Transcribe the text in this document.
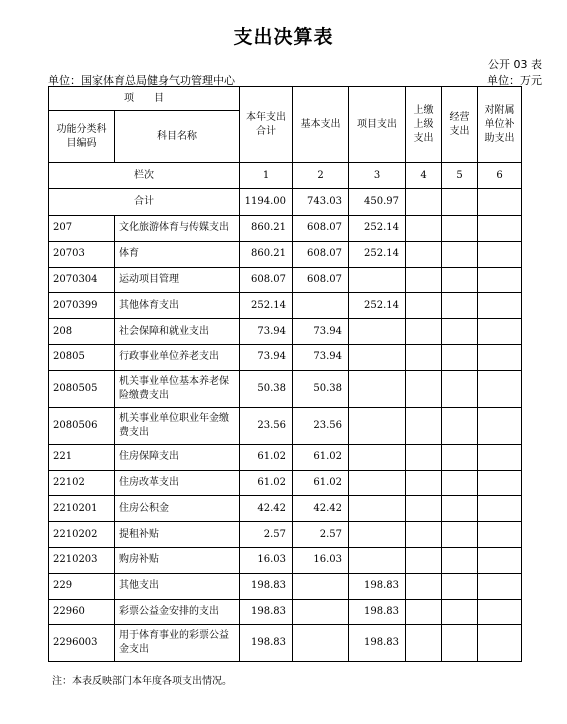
支出决算表
公开 03 表
单位：国家体育总局健身气功管理中心	单位：万元
项　　目		本年支出合计	基本支出	项目支出	上缴上级支出	经营支出	对附属单位补助支出
功能分类科目编码	科目名称						
栏次		1	2	3	4	5	6
合计		1194.00	743.03	450.97			
207	文化旅游体育与传媒支出	860.21	608.07	252.14			
20703	体育	860.21	608.07	252.14			
2070304	运动项目管理	608.07	608.07				
2070399	其他体育支出	252.14		252.14			
208	社会保障和就业支出	73.94	73.94				
20805	行政事业单位养老支出	73.94	73.94				
2080505	机关事业单位基本养老保险缴费支出	50.38	50.38				
2080506	机关事业单位职业年金缴费支出	23.56	23.56				
221	住房保障支出	61.02	61.02				
22102	住房改革支出	61.02	61.02				
2210201	住房公积金	42.42	42.42				
2210202	提租补贴	2.57	2.57				
2210203	购房补贴	16.03	16.03				
229	其他支出	198.83		198.83			
22960	彩票公益金安排的支出	198.83		198.83			
2296003	用于体育事业的彩票公益金支出	198.83		198.83			
注：本表反映部门本年度各项支出情况。
